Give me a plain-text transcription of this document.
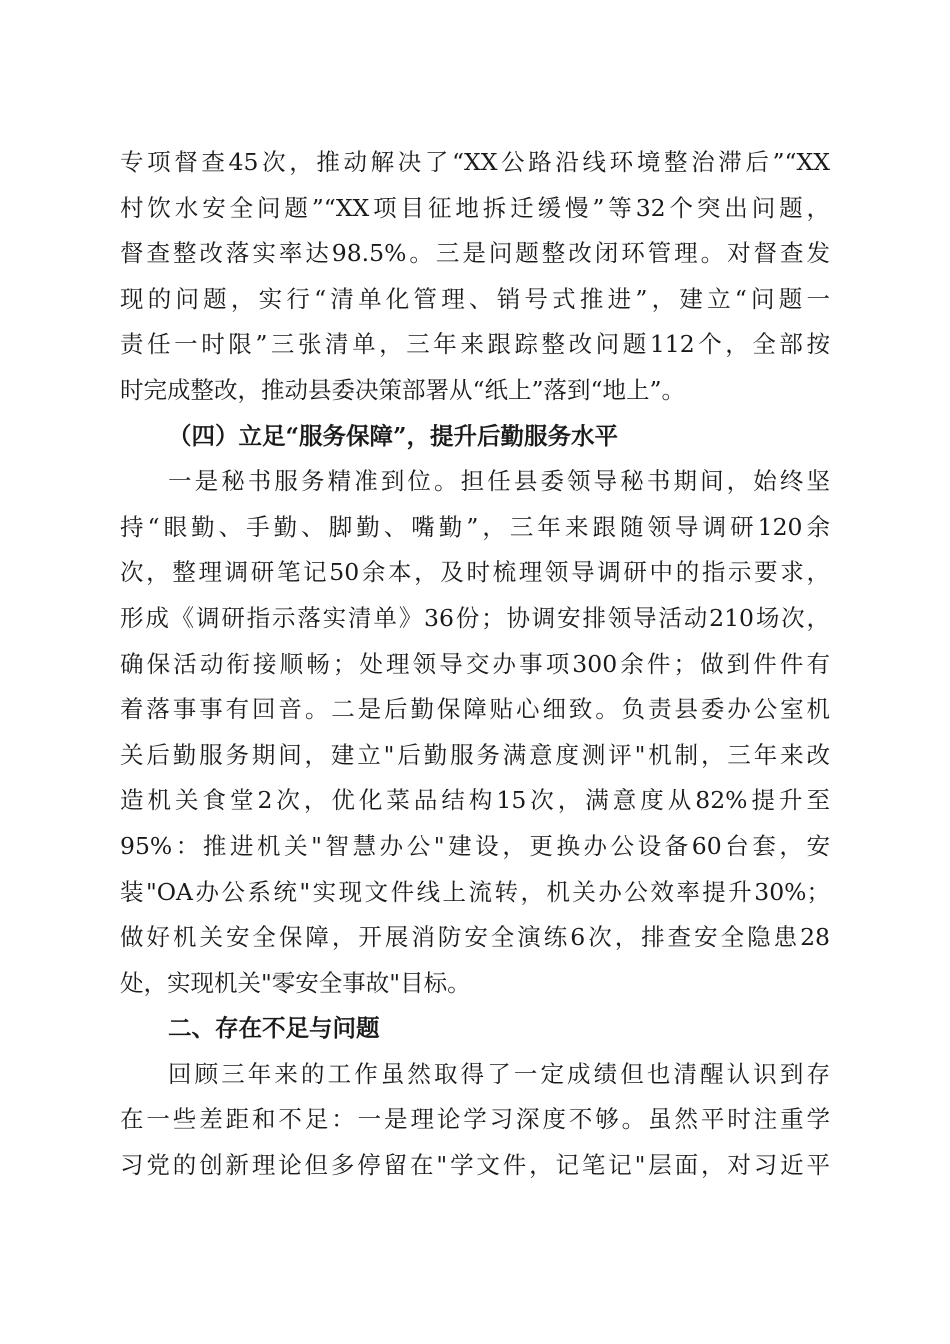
专项督查45次，推动解决了“XX公路沿线环境整治滞后”“XX
村饮水安全问题”“XX项目征地拆迁缓慢”等32个突出问题，
督查整改落实率达98.5%。三是问题整改闭环管理。对督查发
现的问题，实行“清单化管理、销号式推进”，建立“问题一
责任一时限”三张清单，三年来跟踪整改问题112个，全部按
时完成整改，推动县委决策部署从“纸上”落到“地上”。
（四）立足“服务保障”，提升后勤服务水平
一是秘书服务精准到位。担任县委领导秘书期间，始终坚
持“眼勤、手勤、脚勤、嘴勤”，三年来跟随领导调研120余
次，整理调研笔记50余本，及时梳理领导调研中的指示要求，
形成《调研指示落实清单》36份；协调安排领导活动210场次，
确保活动衔接顺畅；处理领导交办事项300余件；做到件件有
着落事事有回音。二是后勤保障贴心细致。负责县委办公室机
关后勤服务期间，建立"后勤服务满意度测评"机制，三年来改
造机关食堂2次，优化菜品结构15次，满意度从82%提升至
95%：推进机关"智慧办公"建设，更换办公设备60台套，安
装"OA办公系统"实现文件线上流转，机关办公效率提升30%；
做好机关安全保障，开展消防安全演练6次，排查安全隐患28
处，实现机关"零安全事故"目标。
二、存在不足与问题
回顾三年来的工作虽然取得了一定成绩但也清醒认识到存
在一些差距和不足：一是理论学习深度不够。虽然平时注重学
习党的创新理论但多停留在"学文件，记笔记"层面，对习近平
